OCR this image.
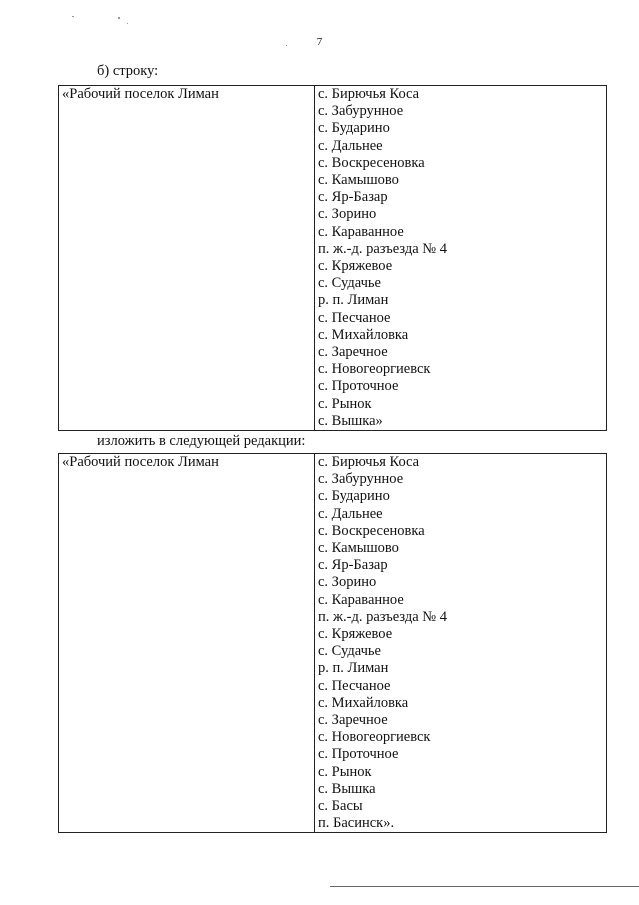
7
б) строку:
«Рабочий поселок Лиман	с. Бирючья Коса
с. Забурунное
с. Бударино
с. Дальнее
с. Воскресеновка
с. Камышово
с. Яр-Базар
с. Зорино
с. Караванное
п. ж.-д. разъезда № 4
с. Кряжевое
с. Судачье
р. п. Лиман
с. Песчаное
с. Михайловка
с. Заречное
с. Новогеоргиевск
с. Проточное
с. Рынок
с. Вышка»
изложить в следующей редакции:
«Рабочий поселок Лиман	с. Бирючья Коса
с. Забурунное
с. Бударино
с. Дальнее
с. Воскресеновка
с. Камышово
с. Яр-Базар
с. Зорино
с. Караванное
п. ж.-д. разъезда № 4
с. Кряжевое
с. Судачье
р. п. Лиман
с. Песчаное
с. Михайловка
с. Заречное
с. Новогеоргиевск
с. Проточное
с. Рынок
с. Вышка
с. Басы
п. Басинск».
